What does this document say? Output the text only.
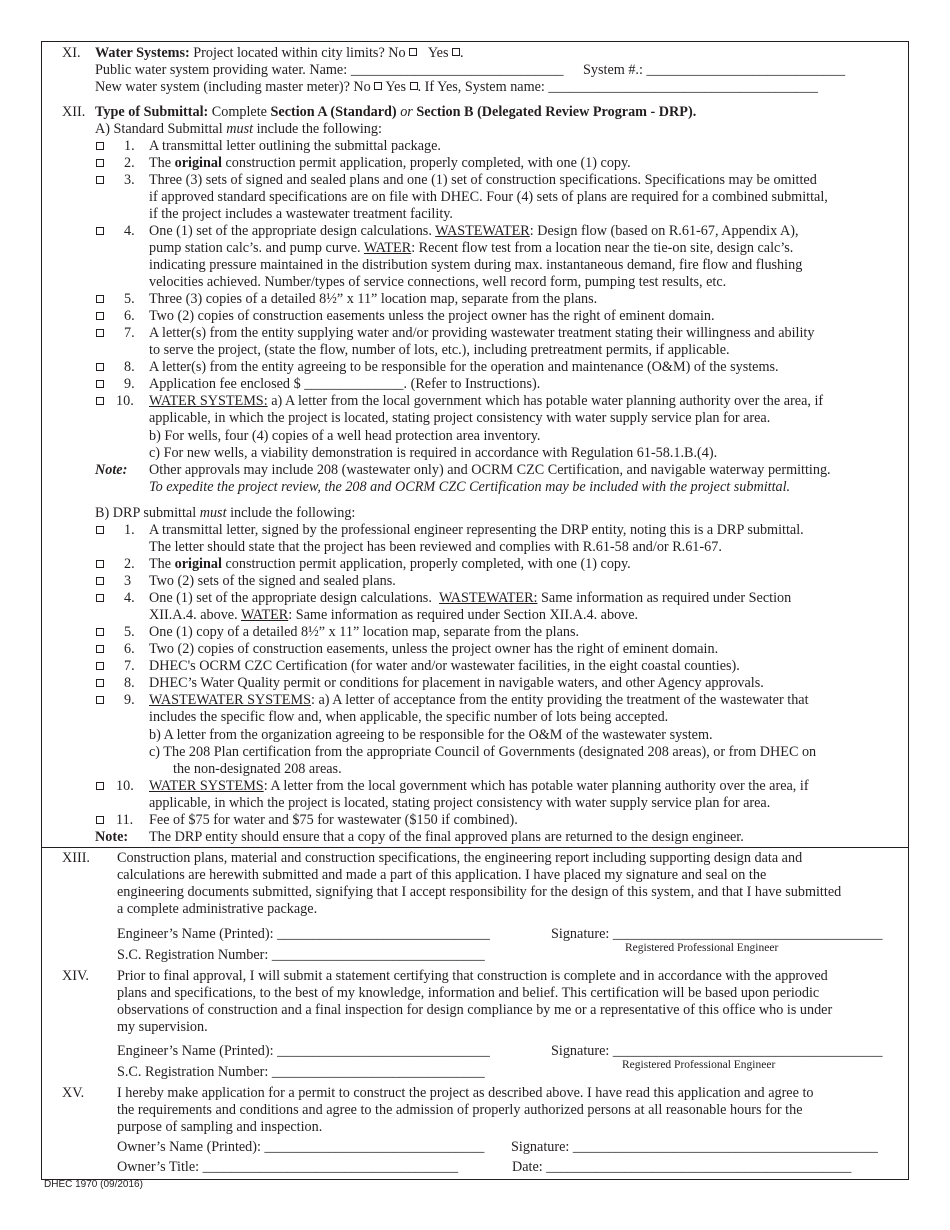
XI. Water Systems: Project located within city limits? No Yes .
Public water system providing water. Name: ______________________________ System #.: ____________________________
New water system (including master meter)? No Yes . If Yes, System name: ______________________________________
XII. Type of Submittal: Complete Section A (Standard) or Section B (Delegated Review Program - DRP).
A) Standard Submittal must include the following:
1. A transmittal letter outlining the submittal package.
2. The original construction permit application, properly completed, with one (1) copy.
3. Three (3) sets of signed and sealed plans and one (1) set of construction specifications. Specifications may be omitted
if approved standard specifications are on file with DHEC. Four (4) sets of plans are required for a combined submittal,
if the project includes a wastewater treatment facility.
4. One (1) set of the appropriate design calculations. WASTEWATER: Design flow (based on R.61-67, Appendix A),
pump station calc’s. and pump curve. WATER: Recent flow test from a location near the tie-on site, design calc’s.
indicating pressure maintained in the distribution system during max. instantaneous demand, fire flow and flushing
velocities achieved. Number/types of service connections, well record form, pumping test results, etc.
5. Three (3) copies of a detailed 8½” x 11” location map, separate from the plans.
6. Two (2) copies of construction easements unless the project owner has the right of eminent domain.
7. A letter(s) from the entity supplying water and/or providing wastewater treatment stating their willingness and ability
to serve the project, (state the flow, number of lots, etc.), including pretreatment permits, if applicable.
8. A letter(s) from the entity agreeing to be responsible for the operation and maintenance (O&M) of the systems.
9. Application fee enclosed $ ______________. (Refer to Instructions).
10. WATER SYSTEMS: a) A letter from the local government which has potable water planning authority over the area, if
applicable, in which the project is located, stating project consistency with water supply service plan for area.
b) For wells, four (4) copies of a well head protection area inventory.
c) For new wells, a viability demonstration is required in accordance with Regulation 61-58.1.B.(4).
Note: Other approvals may include 208 (wastewater only) and OCRM CZC Certification, and navigable waterway permitting.
To expedite the project review, the 208 and OCRM CZC Certification may be included with the project submittal.
B) DRP submittal must include the following:
1. A transmittal letter, signed by the professional engineer representing the DRP entity, noting this is a DRP submittal.
The letter should state that the project has been reviewed and complies with R.61-58 and/or R.61-67.
2. The original construction permit application, properly completed, with one (1) copy.
3 Two (2) sets of the signed and sealed plans.
4. One (1) set of the appropriate design calculations. WASTEWATER: Same information as required under Section
XII.A.4. above. WATER: Same information as required under Section XII.A.4. above.
5. One (1) copy of a detailed 8½” x 11” location map, separate from the plans.
6. Two (2) copies of construction easements, unless the project owner has the right of eminent domain.
7. DHEC's OCRM CZC Certification (for water and/or wastewater facilities, in the eight coastal counties).
8. DHEC’s Water Quality permit or conditions for placement in navigable waters, and other Agency approvals.
9. WASTEWATER SYSTEMS: a) A letter of acceptance from the entity providing the treatment of the wastewater that
includes the specific flow and, when applicable, the specific number of lots being accepted.
b) A letter from the organization agreeing to be responsible for the O&M of the wastewater system.
c) The 208 Plan certification from the appropriate Council of Governments (designated 208 areas), or from DHEC on
the non-designated 208 areas.
10. WATER SYSTEMS: A letter from the local government which has potable water planning authority over the area, if
applicable, in which the project is located, stating project consistency with water supply service plan for area.
11. Fee of $75 for water and $75 for wastewater ($150 if combined).
Note: The DRP entity should ensure that a copy of the final approved plans are returned to the design engineer.
XIII. Construction plans, material and construction specifications, the engineering report including supporting design data and
calculations are herewith submitted and made a part of this application. I have placed my signature and seal on the
engineering documents submitted, signifying that I accept responsibility for the design of this system, and that I have submitted
a complete administrative package.
Engineer’s Name (Printed): ______________________________	Signature: ______________________________________
S.C. Registration Number: ______________________________	Registered Professional Engineer
XIV. Prior to final approval, I will submit a statement certifying that construction is complete and in accordance with the approved
plans and specifications, to the best of my knowledge, information and belief. This certification will be based upon periodic
observations of construction and a final inspection for design compliance by me or a representative of this office who is under
my supervision.
Engineer’s Name (Printed): ______________________________	Signature: ______________________________________
S.C. Registration Number: ______________________________	Registered Professional Engineer
XV. I hereby make application for a permit to construct the project as described above. I have read this application and agree to
the requirements and conditions and agree to the admission of properly authorized persons at all reasonable hours for the
purpose of sampling and inspection.
Owner’s Name (Printed): _______________________________ Signature: ___________________________________________
Owner’s Title: ____________________________________	Date: ___________________________________________
DHEC 1970 (09/2016)
